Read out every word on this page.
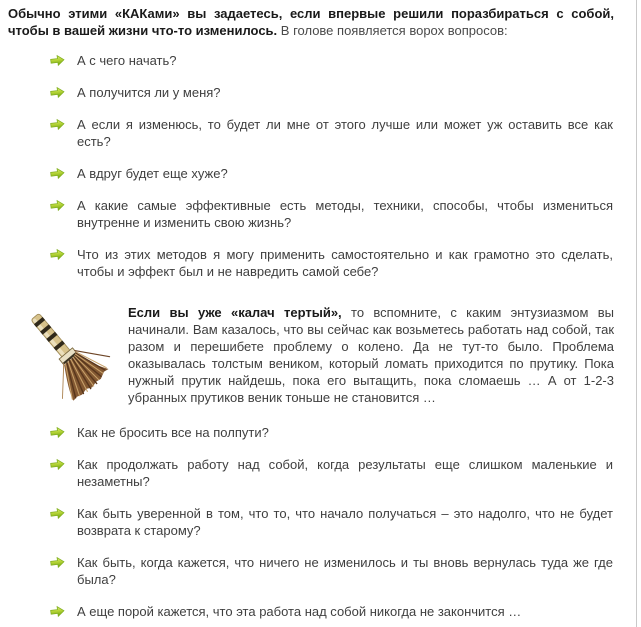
Обычно этими «КАКами» вы задаетесь, если впервые решили поразбираться с собой, чтобы в вашей жизни что-то изменилось. В голове появляется ворох вопросов:

А с чего начать?
А получится ли у меня?
А если я изменюсь, то будет ли мне от этого лучше или может уж оставить все как есть?
А вдруг будет еще хуже?
А какие самые эффективные есть методы, техники, способы, чтобы измениться внутренне и изменить свою жизнь?
Что из этих методов я могу применить самостоятельно и как грамотно это сделать, чтобы и эффект был и не навредить самой себе?

Если вы уже «калач тертый», то вспомните, с каким энтузиазмом вы начинали. Вам казалось, что вы сейчас как возьметесь работать над собой, так разом и перешибете проблему о колено. Да не тут-то было. Проблема оказывалась толстым веником, который ломать приходится по прутику. Пока нужный прутик найдешь, пока его вытащить, пока сломаешь … А от 1-2-3 убранных прутиков веник тоньше не становится …

Как не бросить все на полпути?
Как продолжать работу над собой, когда результаты еще слишком маленькие и незаметны?
Как быть уверенной в том, что то, что начало получаться – это надолго, что не будет возврата к старому?
Как быть, когда кажется, что ничего не изменилось и ты вновь вернулась туда же где была?
А еще порой кажется, что эта работа над собой никогда не закончится …
